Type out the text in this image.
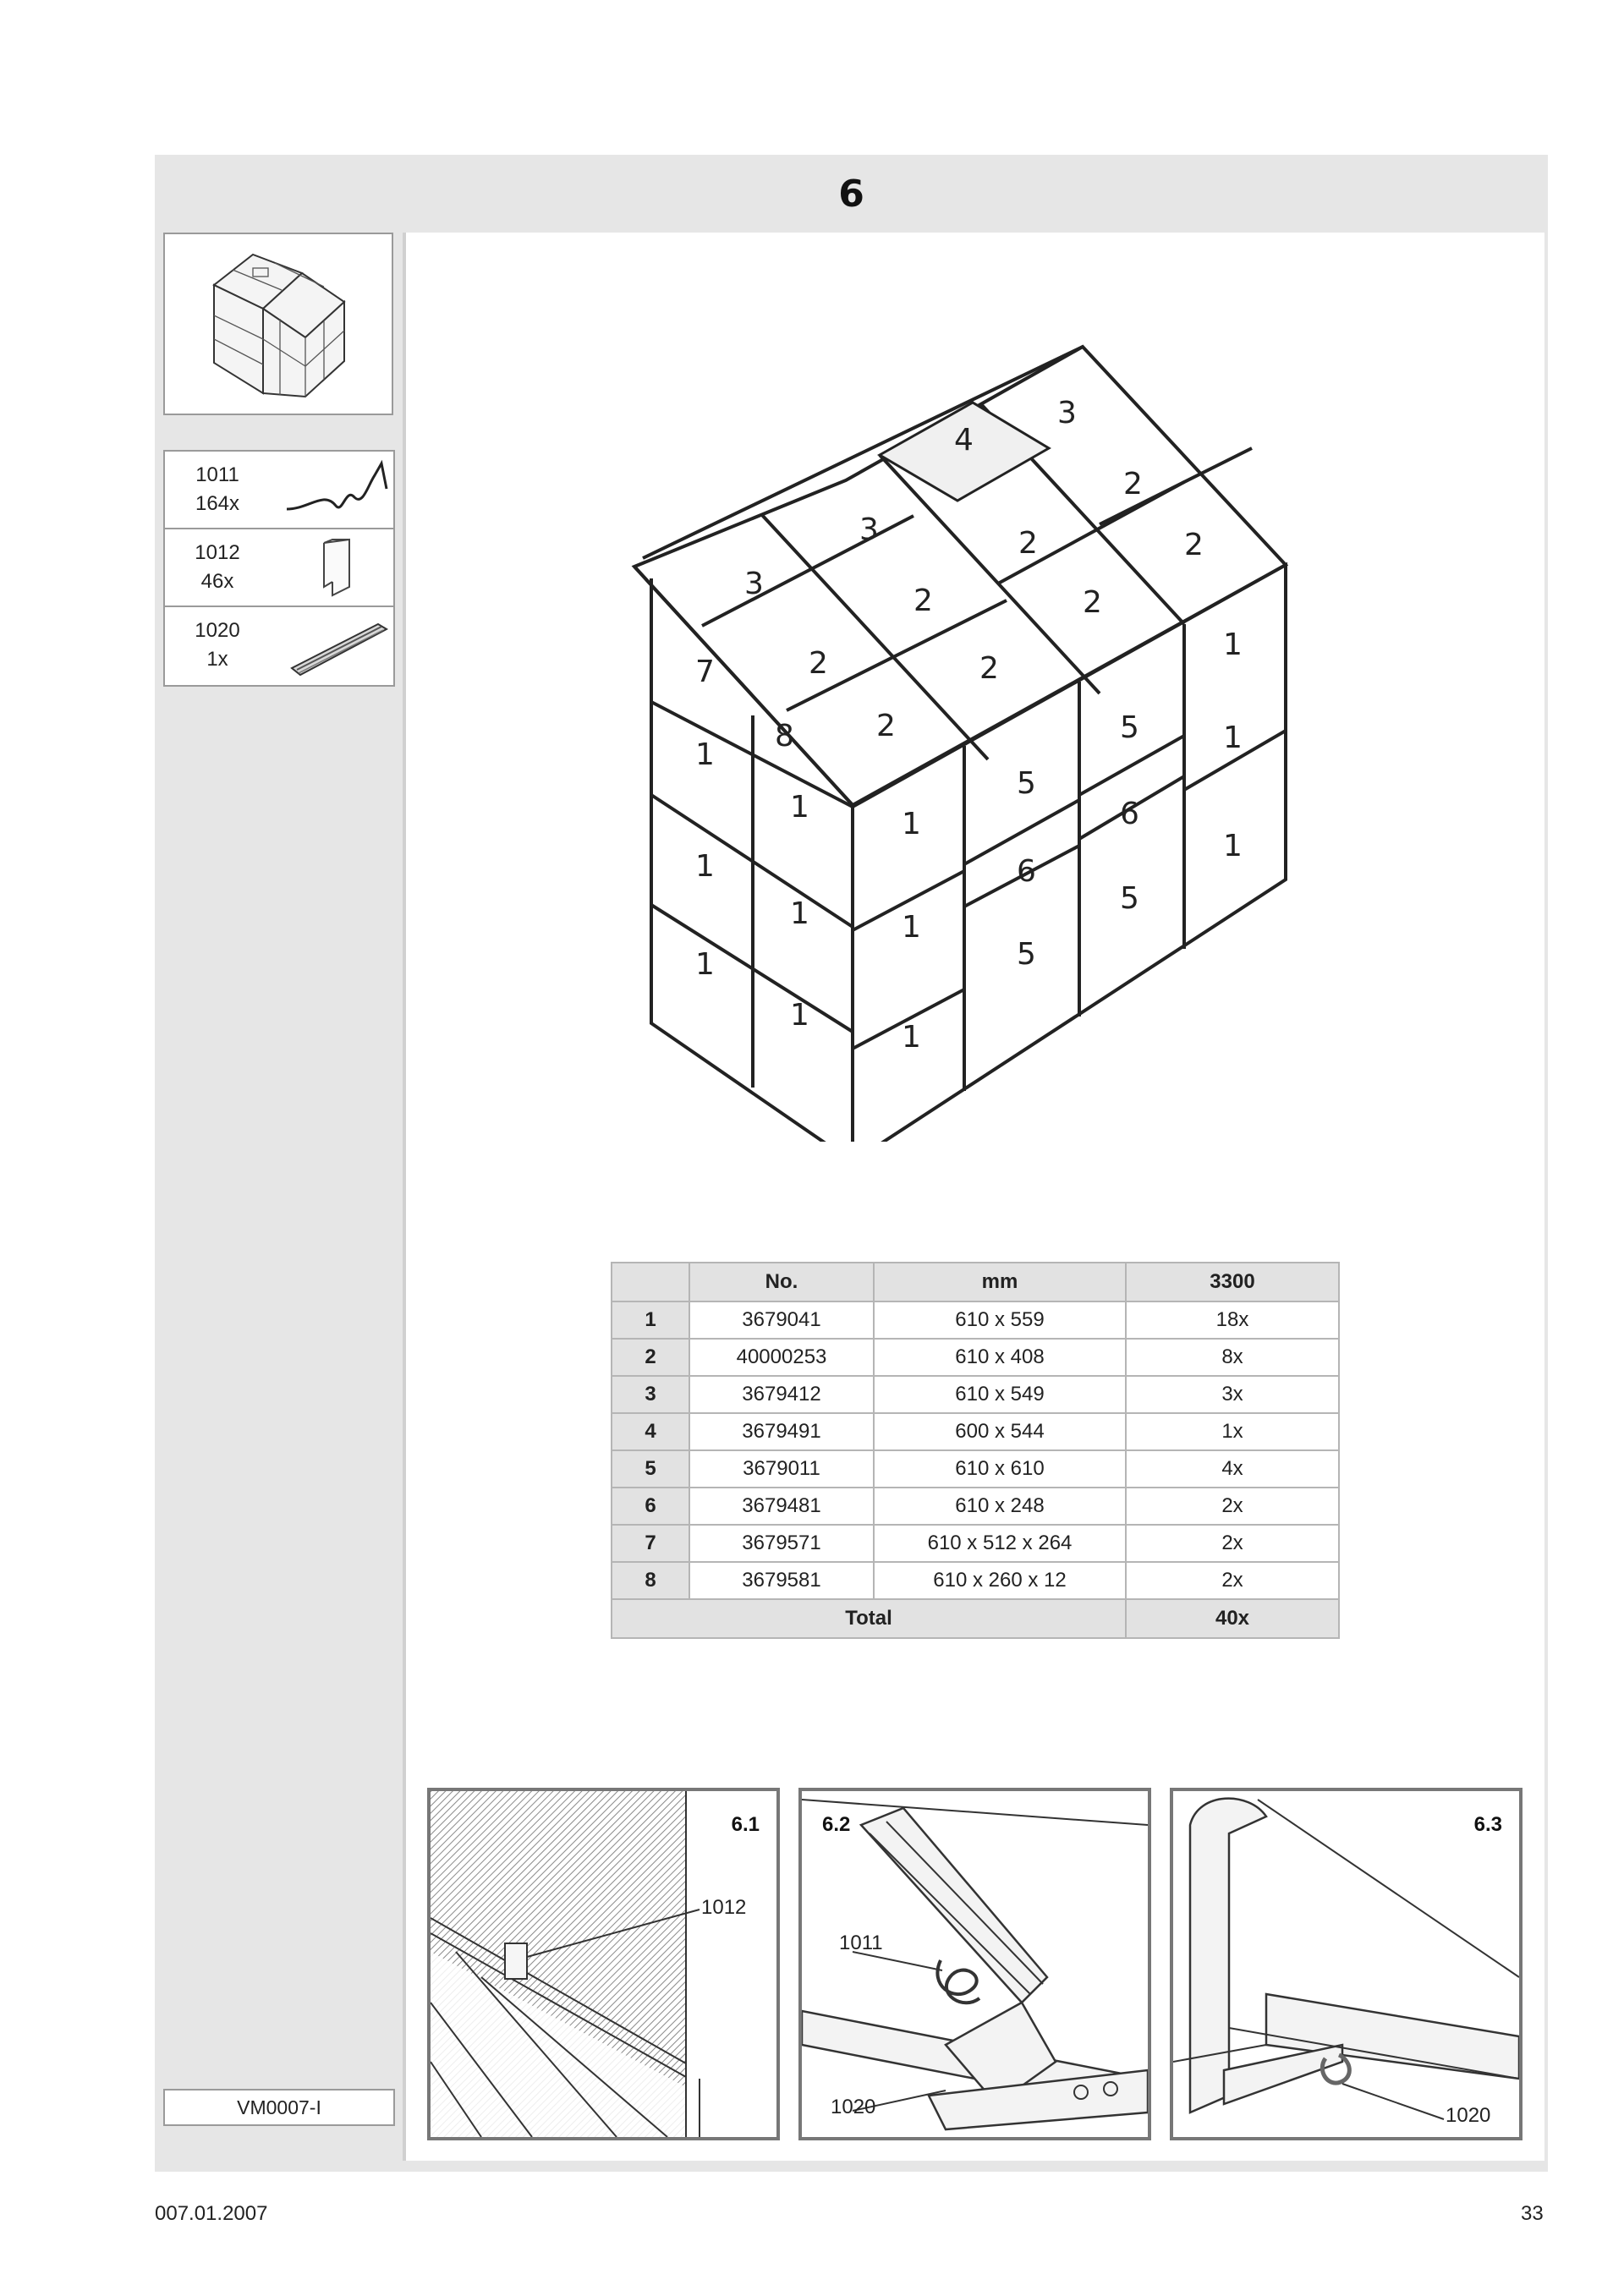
6
1011
164x
1012
46x
1020
1x
VM0007-I
4
3
3
3
2
2	2
2	2
2	2
2
7
8
1
1
1
1
1
1
1
1
1
5
6
5
5
6
5
1
1
1
	No.	mm	3300
1	3679041	610 x 559	18x
2	40000253	610 x 408	8x
3	3679412	610 x 549	3x
4	3679491	600 x 544	1x
5	3679011	610 x 610	4x
6	3679481	610 x 248	2x
7	3679571	610 x 512 x 264	2x
8	3679581	610 x 260 x 12	2x
Total			40x
6.1
1012
6.2
1011
1020
6.3
1020
007.01.2007	33
